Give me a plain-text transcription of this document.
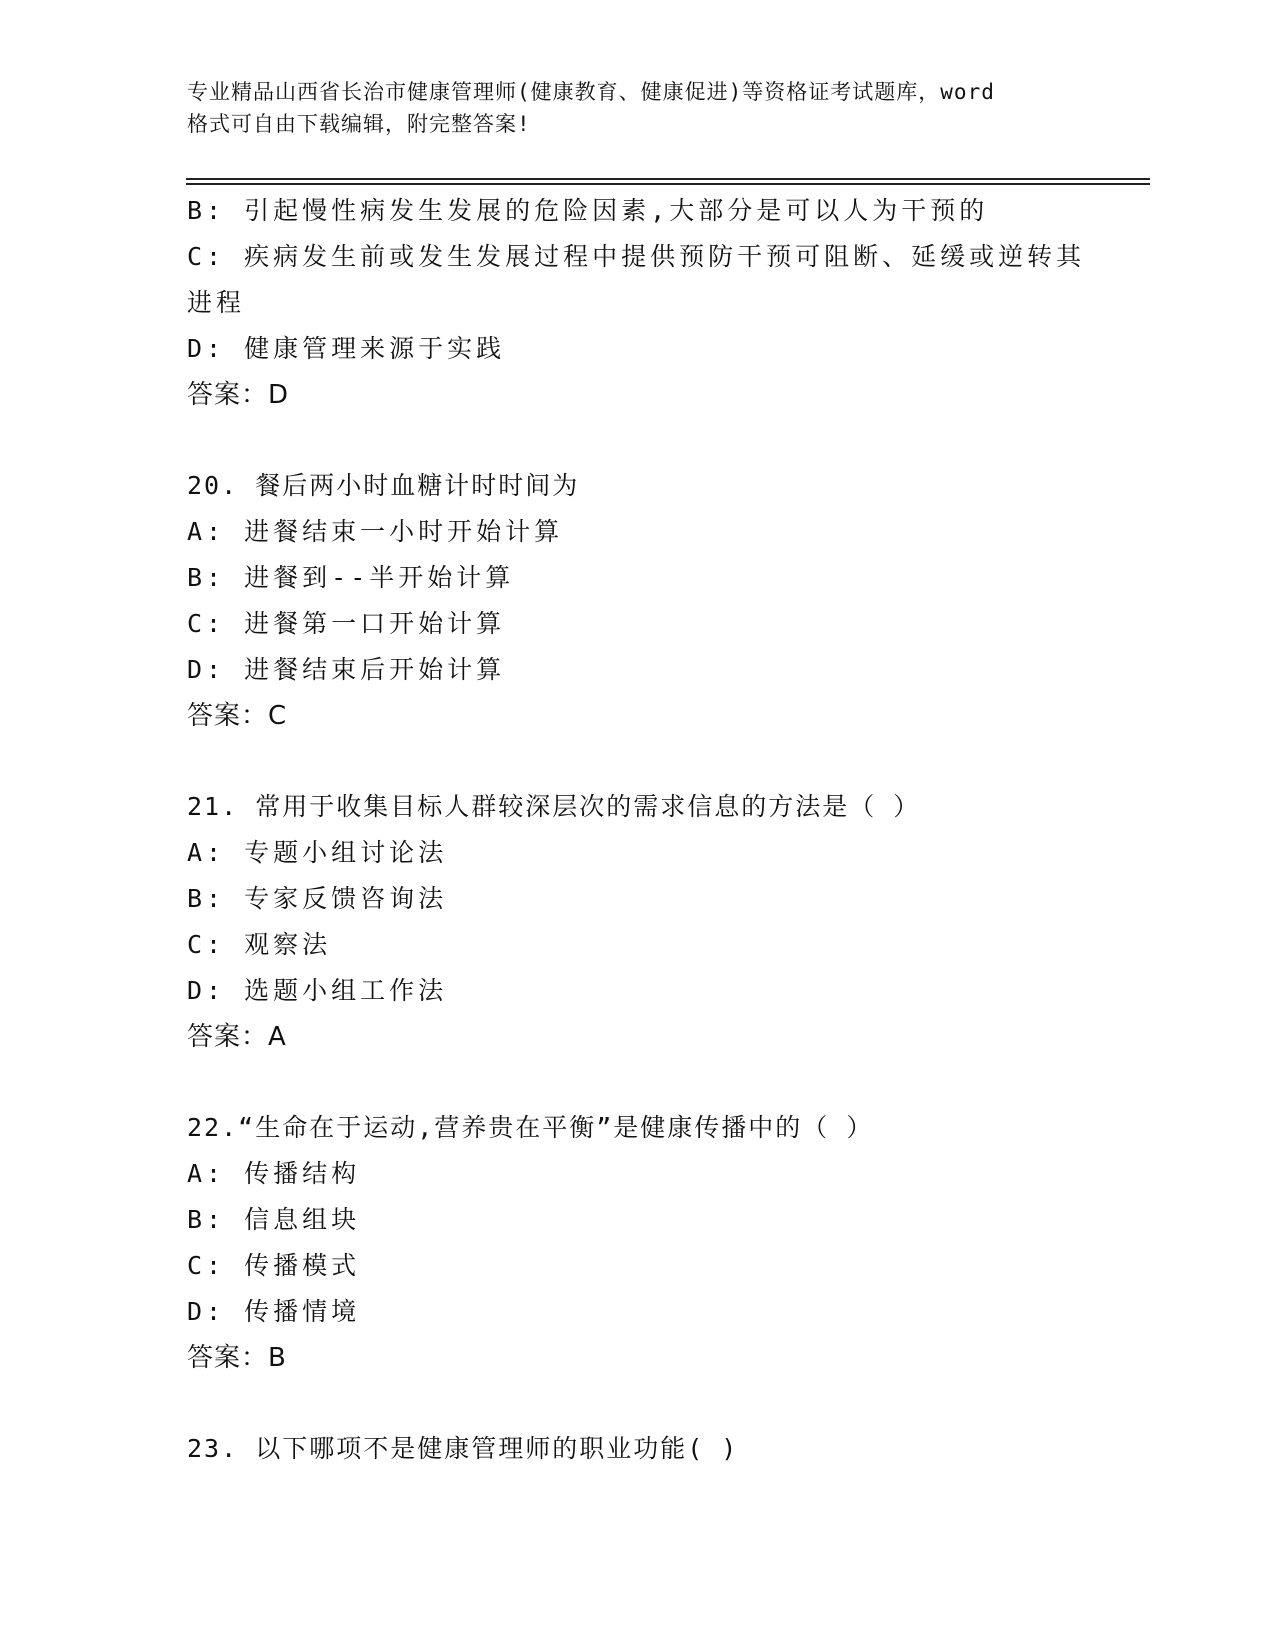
专业精品山西省长治市健康管理师(健康教育、健康促进)等资格证考试题库，word
格式可自由下载编辑，附完整答案!
B: 引起慢性病发生发展的危险因素,大部分是可以人为干预的
C: 疾病发生前或发生发展过程中提供预防干预可阻断、延缓或逆转其
进程
D: 健康管理来源于实践
答案：D
20. 餐后两小时血糖计时时间为
A: 进餐结束一小时开始计算
B: 进餐到--半开始计算
C: 进餐第一口开始计算
D: 进餐结束后开始计算
答案：C
21. 常用于收集目标人群较深层次的需求信息的方法是（ ）
A: 专题小组讨论法
B: 专家反馈咨询法
C: 观察法
D: 选题小组工作法
答案：A
22.“生命在于运动,营养贵在平衡”是健康传播中的（ ）
A: 传播结构
B: 信息组块
C: 传播模式
D: 传播情境
答案：B
23. 以下哪项不是健康管理师的职业功能( )
